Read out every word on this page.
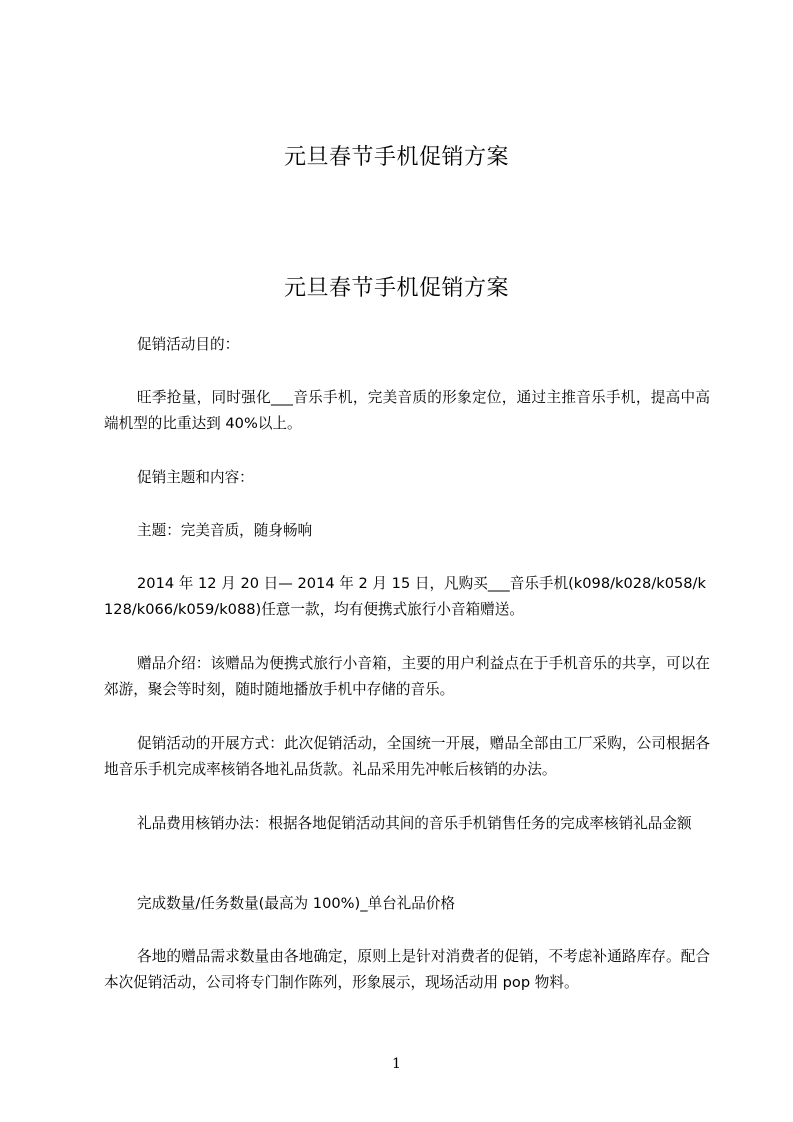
元旦春节手机促销方案
元旦春节手机促销方案
促销活动目的：
旺季抢量，同时强化___音乐手机，完美音质的形象定位，通过主推音乐手机，提高中高端机型的比重达到 40%以上。
促销主题和内容：
主题：完美音质，随身畅响
2014 年 12 月 20 日— 2014 年 2 月 15 日，凡购买___音乐手机(k098/k028/k058/k128/k066/k059/k088)任意一款，均有便携式旅行小音箱赠送。
赠品介绍：该赠品为便携式旅行小音箱，主要的用户利益点在于手机音乐的共享，可以在郊游，聚会等时刻，随时随地播放手机中存储的音乐。
促销活动的开展方式：此次促销活动，全国统一开展，赠品全部由工厂采购，公司根据各地音乐手机完成率核销各地礼品货款。礼品采用先冲帐后核销的办法。
礼品费用核销办法：根据各地促销活动其间的音乐手机销售任务的完成率核销礼品金额
完成数量/任务数量(最高为 100%)_单台礼品价格
各地的赠品需求数量由各地确定，原则上是针对消费者的促销，不考虑补通路库存。配合本次促销活动，公司将专门制作陈列，形象展示，现场活动用 pop 物料。
1
